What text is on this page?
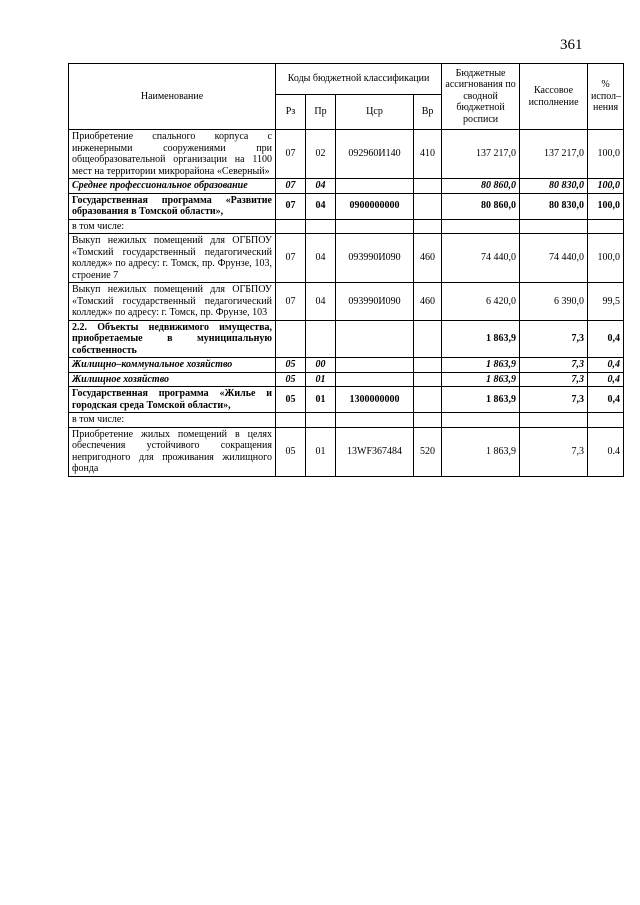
361
Наименование	Коды бюджетной классификации				Бюджетные ассигнования по сводной бюджетной росписи	Кассовое исполнение	% испол– нения
	Рз	Пр	Цср	Вр			
Приобретение спального корпуса с инженерными сооружениями при общеобразовательной организации на 1100 мест на территории микрорайона «Северный»	07	02	092960И140	410	137 217,0	137 217,0	100,0
Среднее профессиональное образование	07	04			80 860,0	80 830,0	100,0
Государственная программа «Развитие образования в Томской области»,	07	04	0900000000		80 860,0	80 830,0	100,0
в том числе:							
Выкуп нежилых помещений для ОГБПОУ «Томский государственный педагогический колледж» по адресу: г. Томск, пр. Фрунзе, 103, строение 7	07	04	093990И090	460	74 440,0	74 440,0	100,0
Выкуп нежилых помещений для ОГБПОУ «Томский государственный педагогический колледж» по адресу: г. Томск, пр. Фрунзе, 103	07	04	093990И090	460	6 420,0	6 390,0	99,5
2.2. Объекты недвижимого имущества, приобретаемые в муниципальную собственность					1 863,9	7,3	0,4
Жилищно–коммунальное хозяйство	05	00			1 863,9	7,3	0,4
Жилищное хозяйство	05	01			1 863,9	7,3	0,4
Государственная программа «Жилье и городская среда Томской области»,	05	01	1300000000		1 863,9	7,3	0,4
в том числе:							
Приобретение жилых помещений в целях обеспечения устойчивого сокращения непригодного для проживания жилищного фонда	05	01	13WF367484	520	1 863,9	7,3	0.4
